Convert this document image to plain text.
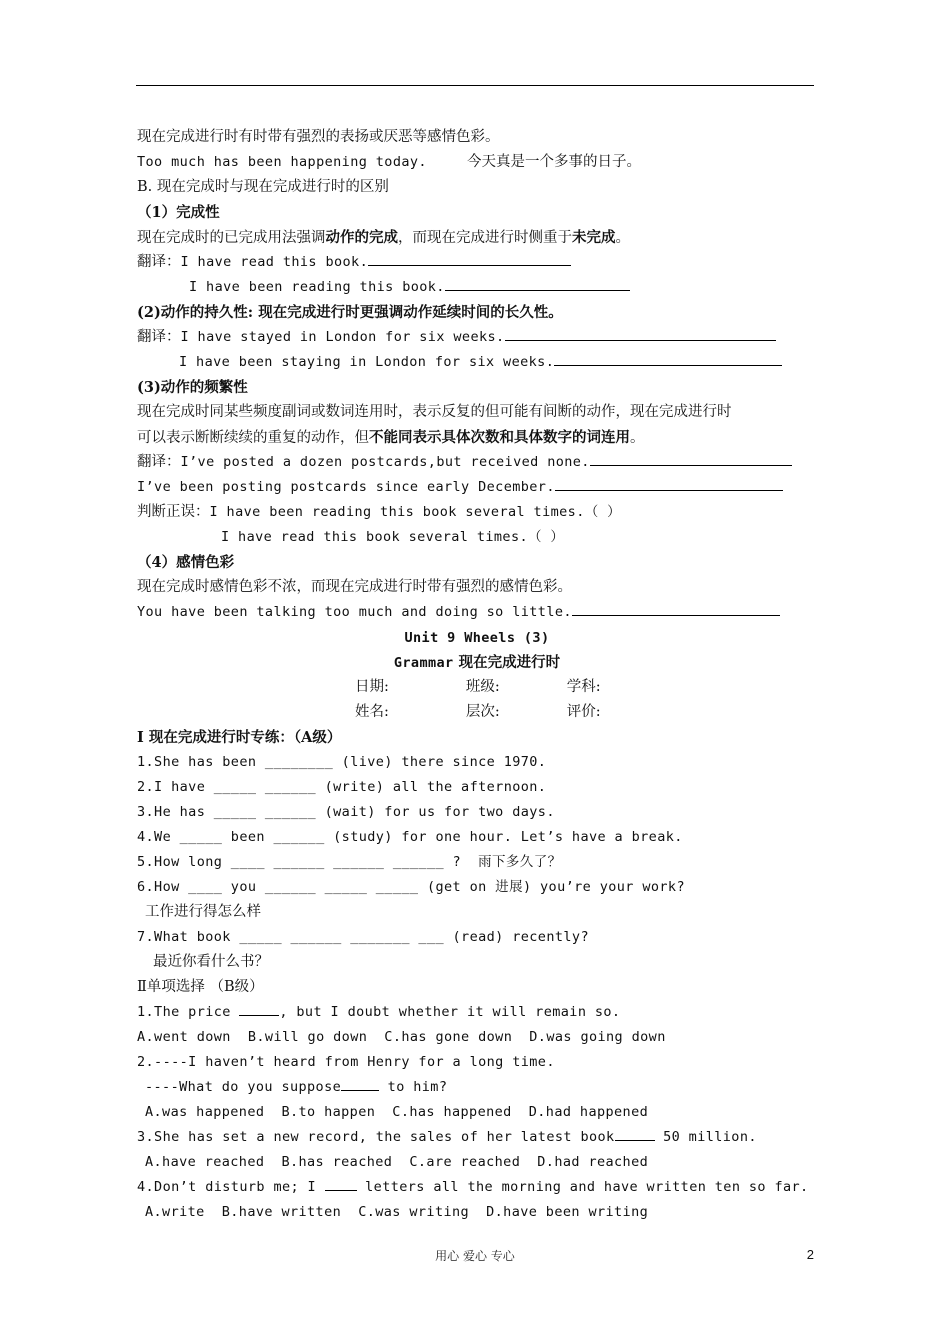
现在完成进行时有时带有强烈的表扬或厌恶等感情色彩。
Too much has been happening today.	今天真是一个多事的日子。
B. 现在完成时与现在完成进行时的区别
（1）完成性
现在完成时的已完成用法强调动作的完成，而现在完成进行时侧重于未完成。
翻译：I have read this book.
I have been reading this book.
(2)动作的持久性: 现在完成进行时更强调动作延续时间的长久性。
翻译：I have stayed in London for six weeks.
I have been staying in London for six weeks.
(3)动作的频繁性
现在完成时同某些频度副词或数词连用时，表示反复的但可能有间断的动作，现在完成进行时
可以表示断断续续的重复的动作，但不能同表示具体次数和具体数字的词连用。
翻译：I’ve posted a dozen postcards,but received none.
I’ve been posting postcards since early December.
判断正误：I have been reading this book several times.（ ）
I have read this book several times.（ ）
（4）感情色彩
现在完成时感情色彩不浓，而现在完成进行时带有强烈的感情色彩。
You have been talking too much and doing so little.
Unit 9 Wheels (3)
Grammar 现在完成进行时
日期:	班级:	学科:
姓名:	层次:	评价:
Ⅰ 现在完成进行时专练：（A级）
1.She has been ________ (live) there since 1970.
2.I have _____ ______ (write) all the afternoon.
3.He has _____ ______ (wait) for us for two days.
4.We _____ been ______ (study) for one hour. Let’s have a break.
5.How long ____ ______ ______ ______ ?  雨下多久了？
6.How ____ you ______ _____ _____ (get on 进展) you’re your work?
工作进行得怎么样
7.What book _____ ______ _______ ___ (read) recently?
最近你看什么书？
Ⅱ单项选择 （B级）
1.The price	, but I doubt whether it will remain so.
A.went down  B.will go down  C.has gone down  D.was going down
2.----I haven’t heard from Henry for a long time.
----What do you suppose	to him?
A.was happened  B.to happen  C.has happened  D.had happened
3.She has set a new record, the sales of her latest book	50 million.
A.have reached  B.has reached  C.are reached  D.had reached
4.Don’t disturb me; I  letters all the morning and have written ten so far.
A.write  B.have written  C.was writing  D.have been writing
用心 爱心 专心	2
